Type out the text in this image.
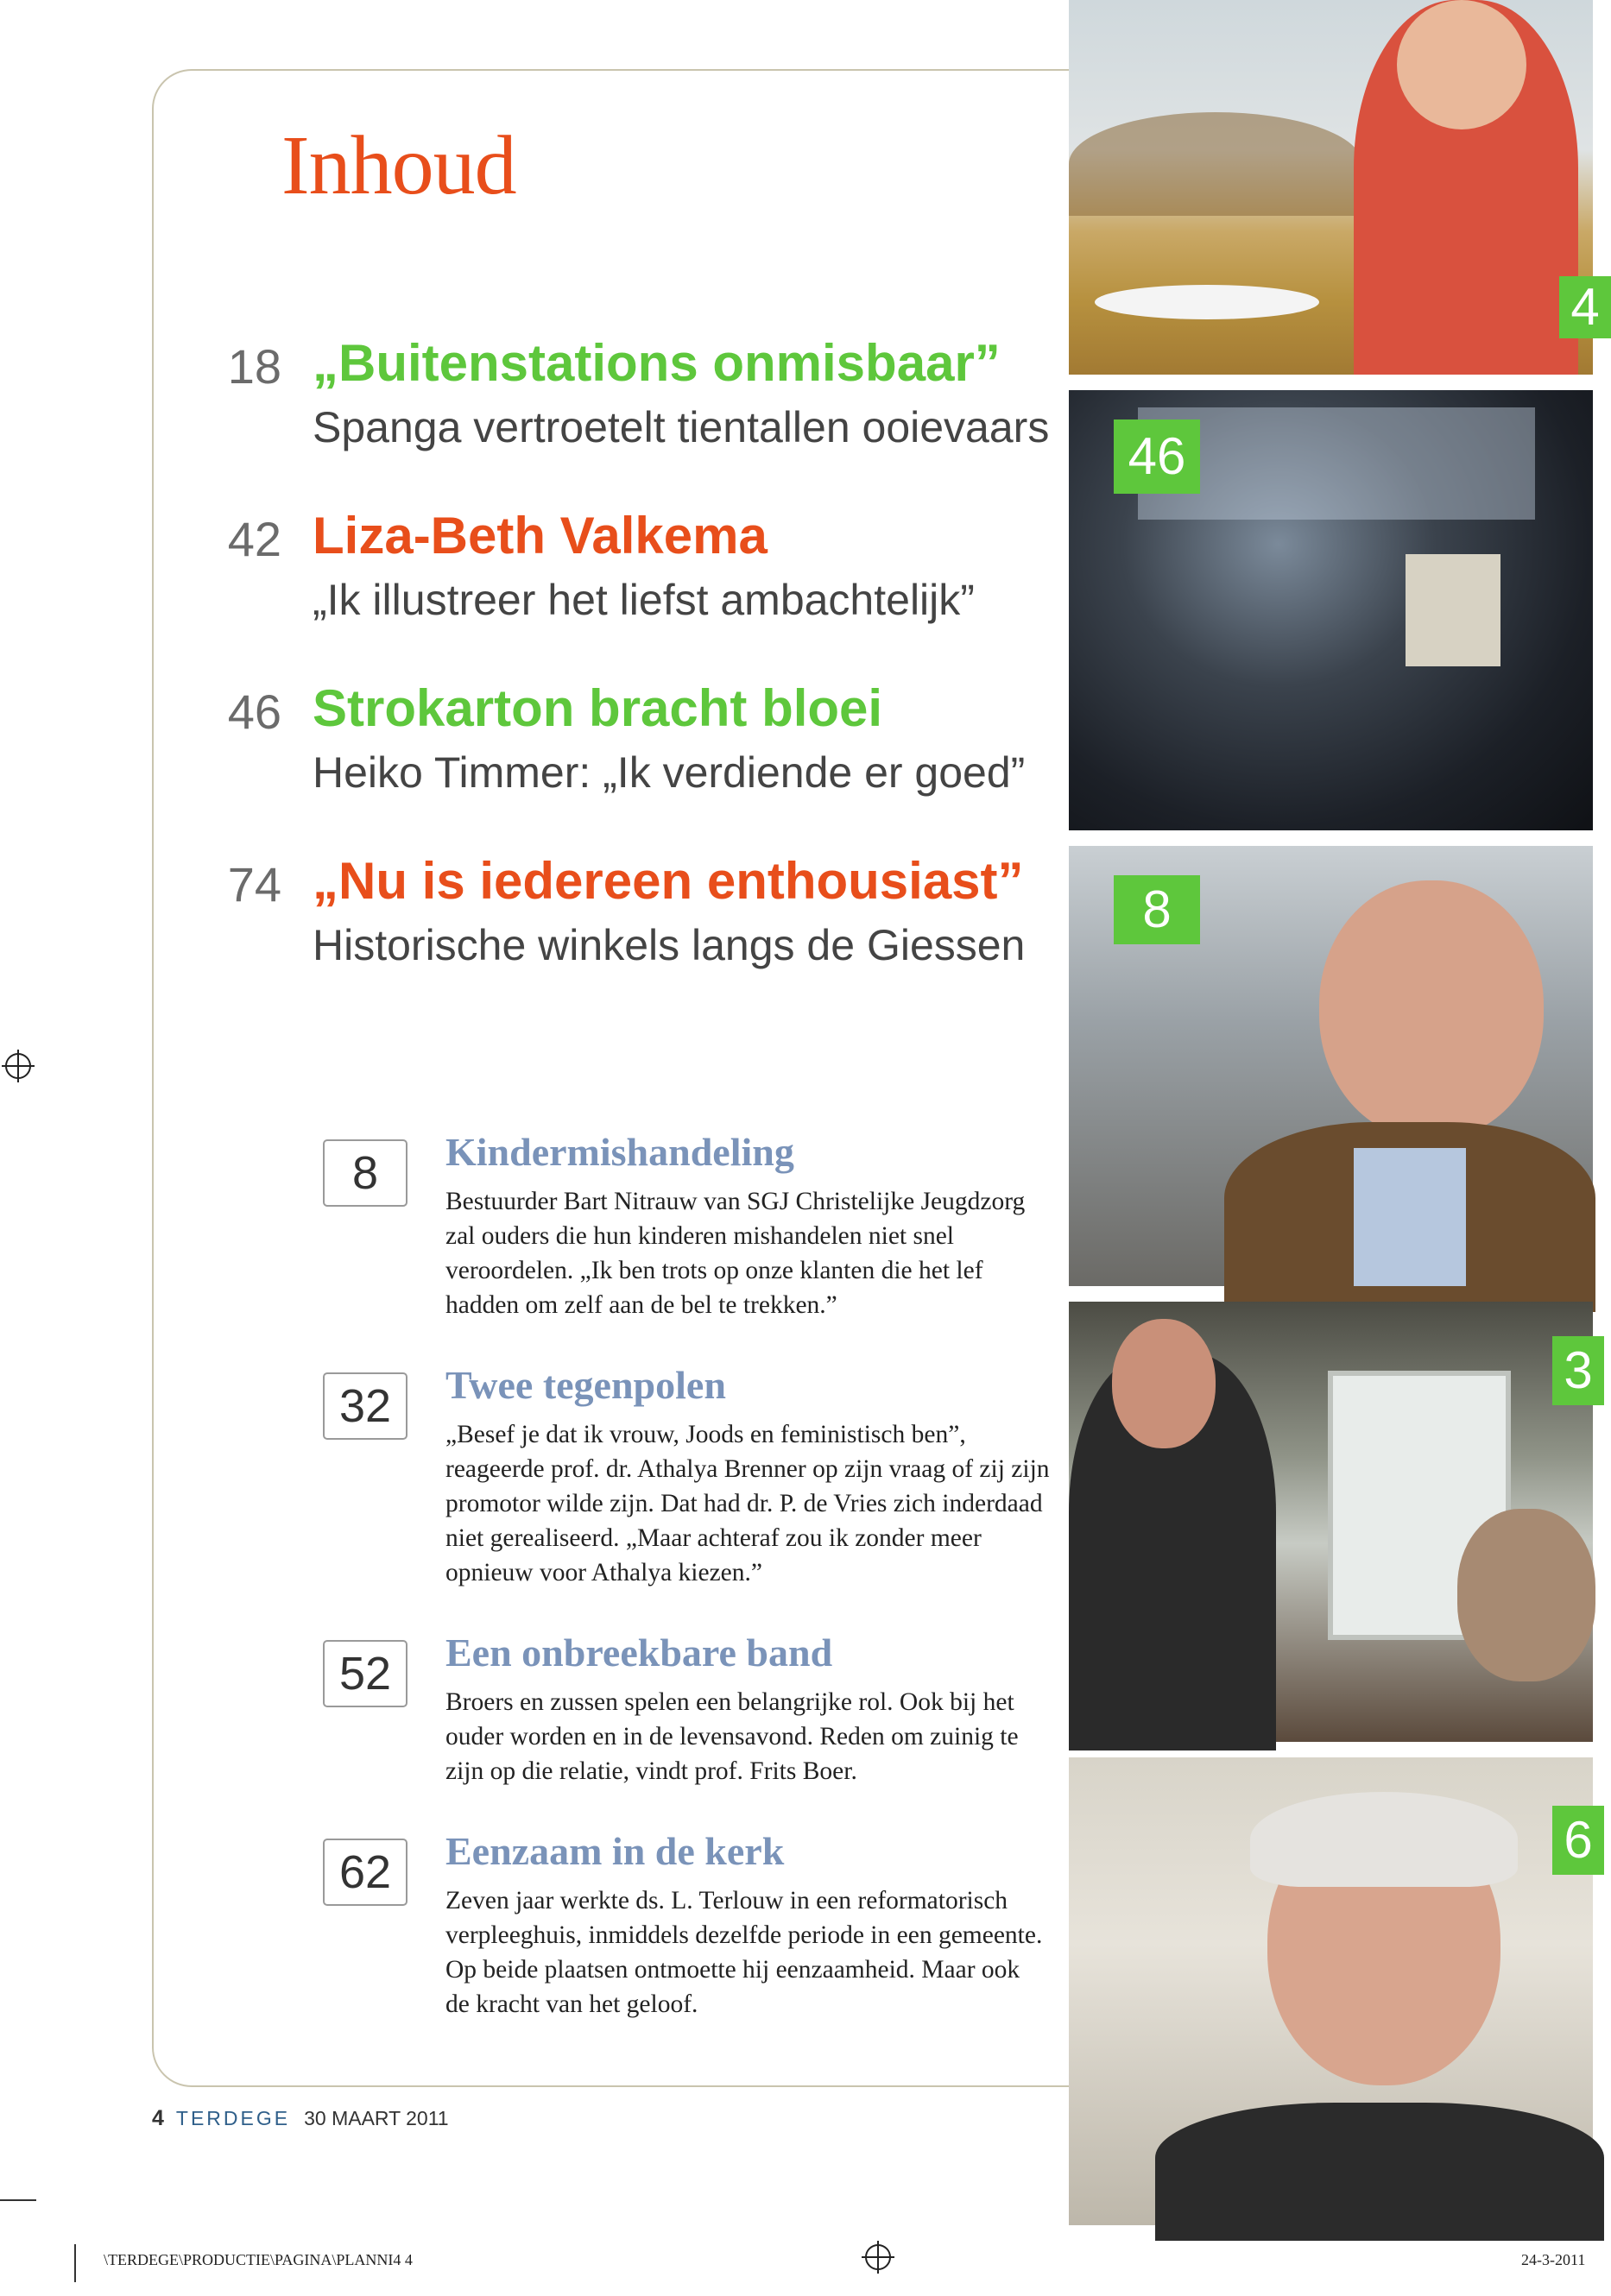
Inhoud
18 „Buitenstations onmisbaar”
Spanga vertroetelt tientallen ooievaars
42 Liza-Beth Valkema
„Ik illustreer het liefst ambachtelijk”
46 Strokarton bracht bloei
Heiko Timmer: „Ik verdiende er goed”
74 „Nu is iedereen enthousiast”
Historische winkels langs de Giessen
8	Kindermishandeling

Bestuurder Bart Nitrauw van SGJ Christelijke Jeugdzorg zal ouders die hun kinderen mishandelen niet snel veroordelen. „Ik ben trots op onze klanten die het lef hadden om zelf aan de bel te trekken.”

32	Twee tegenpolen

„Besef je dat ik vrouw, Joods en feministisch ben”, reageerde prof. dr. Athalya Brenner op zijn vraag of zij zijn promotor wilde zijn. Dat had dr. P. de Vries zich inderdaad niet gerealiseerd. „Maar achteraf zou ik zonder meer opnieuw voor Athalya kiezen.”

52	Een onbreekbare band

Broers en zussen spelen een belangrijke rol. Ook bij het ouder worden en in de levensavond. Reden om zuinig te zijn op die relatie, vindt prof. Frits Boer.

62	Eenzaam in de kerk

Zeven jaar werkte ds. L. Terlouw in een reformatorisch verpleeghuis, inmiddels dezelfde periode in een gemeente. Op beide plaatsen ontmoette hij eenzaamheid. Maar ook de kracht van het geloof.

4
46
8
3
6
4 TERDEGE 30 MAART 2011
\TERDEGE\PRODUCTIE\PAGINA\PLANNI4 4	24-3-2011
